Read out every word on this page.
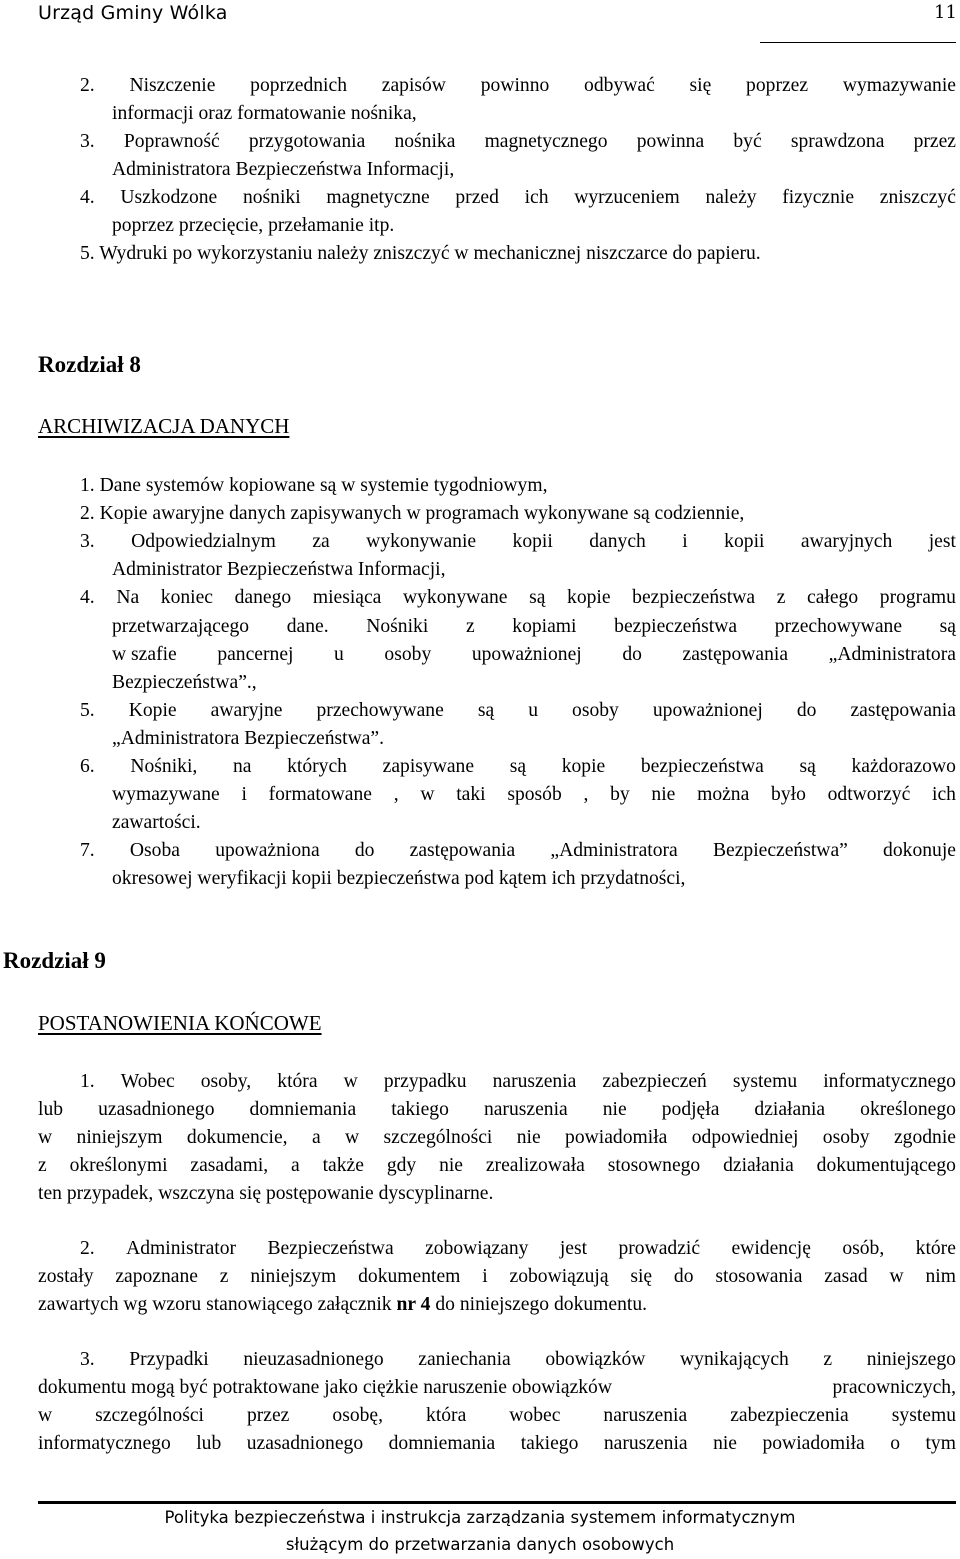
Urząd Gminy Wólka	11
2. Niszczenie poprzednich zapisów powinno odbywać się poprzez wymazywanie
informacji oraz formatowanie nośnika,
3. Poprawność przygotowania nośnika magnetycznego powinna być sprawdzona przez
Administratora Bezpieczeństwa Informacji,
4. Uszkodzone nośniki magnetyczne przed ich wyrzuceniem należy fizycznie zniszczyć
poprzez przecięcie, przełamanie itp.
5. Wydruki po wykorzystaniu należy zniszczyć w mechanicznej niszczarce do papieru.
1. Dane systemów kopiowane są w systemie tygodniowym,
2. Kopie awaryjne danych zapisywanych w programach wykonywane są codziennie,
3. Odpowiedzialnym za wykonywanie kopii danych i kopii awaryjnych jest
Administrator Bezpieczeństwa Informacji,
4. Na koniec danego miesiąca wykonywane są kopie bezpieczeństwa z całego programu
przetwarzającego dane. Nośniki z kopiami bezpieczeństwa przechowywane są
w szafie pancernej u osoby upoważnionej do zastępowania „Administratora
Bezpieczeństwa”.,
5. Kopie awaryjne przechowywane są u osoby upoważnionej do zastępowania
„Administratora Bezpieczeństwa”.
6. Nośniki, na których zapisywane są kopie bezpieczeństwa są każdorazowo
wymazywane i formatowane , w taki sposób , by nie można było odtworzyć ich
zawartości.
7. Osoba upoważniona do zastępowania „Administratora Bezpieczeństwa” dokonuje
okresowej weryfikacji kopii bezpieczeństwa pod kątem ich przydatności,
1. Wobec osoby, która w przypadku naruszenia zabezpieczeń systemu informatycznego
lub uzasadnionego domniemania takiego naruszenia nie podjęła działania określonego
w niniejszym dokumencie, a w szczególności nie powiadomiła odpowiedniej osoby zgodnie
z określonymi zasadami, a także gdy nie zrealizowała stosownego działania dokumentującego
ten przypadek, wszczyna się postępowanie dyscyplinarne.
2. Administrator Bezpieczeństwa zobowiązany jest prowadzić ewidencję osób, które
zostały zapoznane z niniejszym dokumentem i zobowiązują się do stosowania zasad w nim
zawartych wg wzoru stanowiącego załącznik nr 4 do niniejszego dokumentu.
3. Przypadki nieuzasadnionego zaniechania obowiązków wynikających z niniejszego
dokumentu mogą być potraktowane jako ciężkie naruszenie obowiązków	pracowniczych,
w szczególności przez osobę, która wobec naruszenia zabezpieczenia systemu
informatycznego lub uzasadnionego domniemania takiego naruszenia nie powiadomiła o tym
Rozdział 8
ARCHIWIZACJA DANYCH
Rozdział 9
POSTANOWIENIA KOŃCOWE
Polityka bezpieczeństwa i instrukcja zarządzania systemem informatycznym
służącym do przetwarzania danych osobowych
